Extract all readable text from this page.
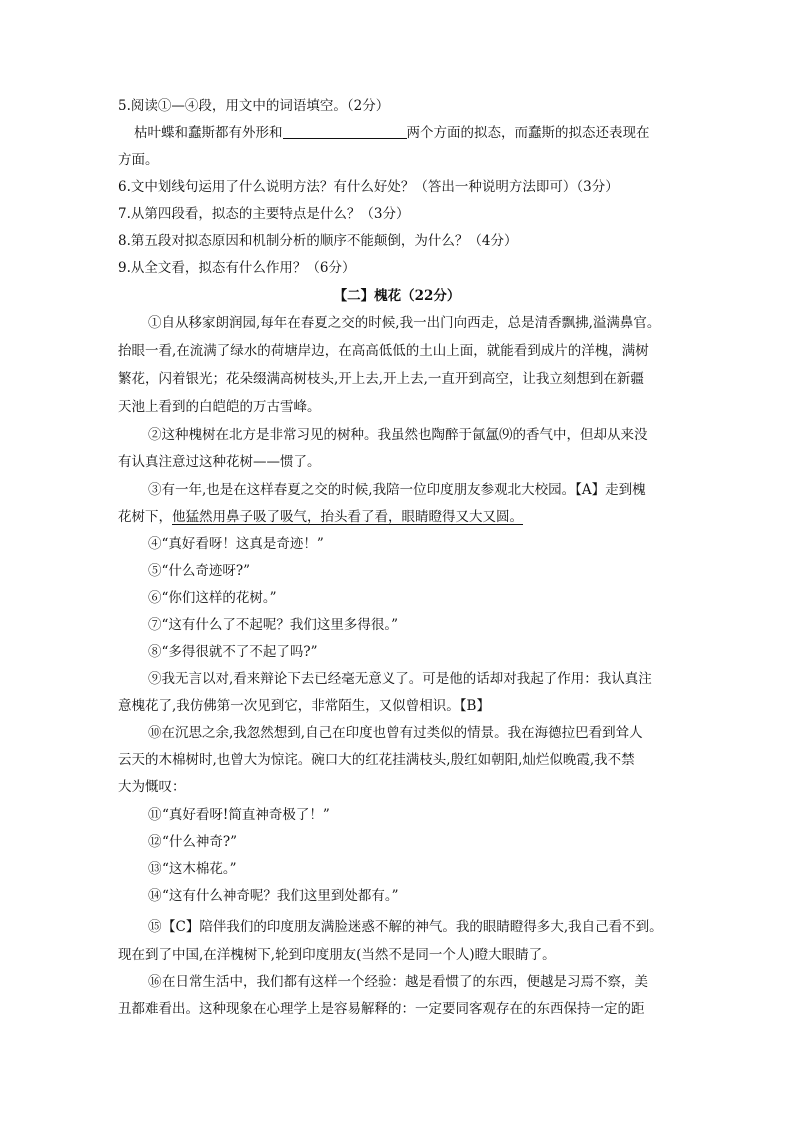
5.阅读①—④段，用文中的词语填空。（2分）
枯叶蝶和蠢斯都有外形和	两个方面的拟态，而蠢斯的拟态还表现在
方面。
6.文中划线句运用了什么说明方法？有什么好处？（答出一种说明方法即可）（3分）
7.从第四段看，拟态的主要特点是什么？（3分）
8.第五段对拟态原因和机制分析的顺序不能颠倒，为什么？（4分）
9.从全文看，拟态有什么作用？（6分）
【二】槐花（22分）
①自从移家朗润园,每年在春夏之交的时候,我一出门向西走，总是清香飘拂,溢满鼻官。
抬眼一看,在流满了绿水的荷塘岸边，在高高低低的土山上面，就能看到成片的洋槐，满树
繁花，闪着银光；花朵缀满高树枝头,开上去,开上去,一直开到高空，让我立刻想到在新疆
天池上看到的白皑皑的万古雪峰。
②这种槐树在北方是非常习见的树种。我虽然也陶醉于氤氲⑼的香气中，但却从来没
有认真注意过这种花树——惯了。
③有一年,也是在这样春夏之交的时候,我陪一位印度朋友参观北大校园。【A】走到槐
花树下，他猛然用鼻子吸了吸气，抬头看了看，眼睛瞪得又大又圆。
④“真好看呀！这真是奇迹！”
⑤“什么奇迹呀?”
⑥“你们这样的花树。”
⑦“这有什么了不起呢？我们这里多得很。”
⑧“多得很就不了不起了吗?”
⑨我无言以对,看来辩论下去已经毫无意义了。可是他的话却对我起了作用：我认真注
意槐花了,我仿佛第一次见到它，非常陌生，又似曾相识。【B】
⑩在沉思之余,我忽然想到,自己在印度也曾有过类似的情景。我在海德拉巴看到耸人
云天的木棉树时,也曾大为惊诧。碗口大的红花挂满枝头,殷红如朝阳,灿烂似晚霞,我不禁
大为慨叹：
⑪“真好看呀!简直神奇极了！”
⑫“什么神奇?”
⑬“这木棉花。”
⑭“这有什么神奇呢？我们这里到处都有。”
⑮【C】陪伴我们的印度朋友满脸迷惑不解的神气。我的眼睛瞪得多大,我自己看不到。
现在到了中国,在洋槐树下,轮到印度朋友(当然不是同一个人)瞪大眼睛了。
⑯在日常生活中，我们都有这样一个经验：越是看惯了的东西，便越是习焉不察，美
丑都难看出。这种现象在心理学上是容易解释的：一定要同客观存在的东西保持一定的距
